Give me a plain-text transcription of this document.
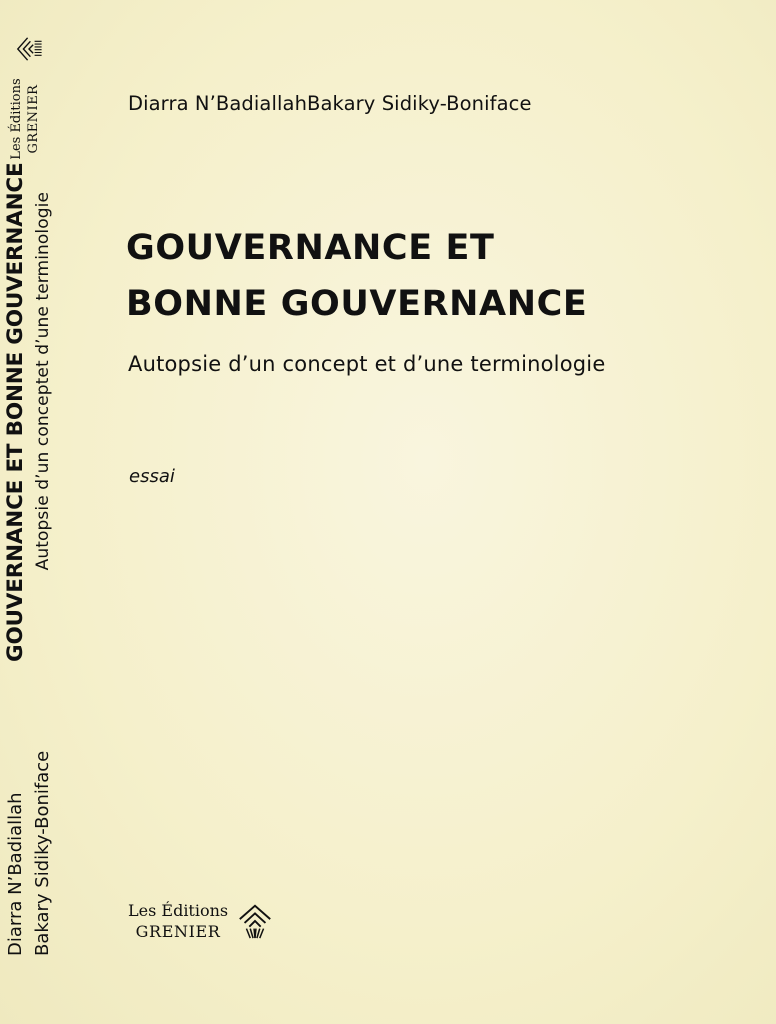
Les Éditions GRENIER
GOUVERNANCE ET BONNE GOUVERNANCE Autopsie d’un conceptet d’une terminologie
Diarra N’Badiallah Bakary Sidiky-Boniface
Diarra N’BadiallahBakary Sidiky-Boniface
GOUVERNANCE ET
BONNE GOUVERNANCE
Autopsie d’un concept et d’une terminologie
essai
Les Éditions
GRENIER
